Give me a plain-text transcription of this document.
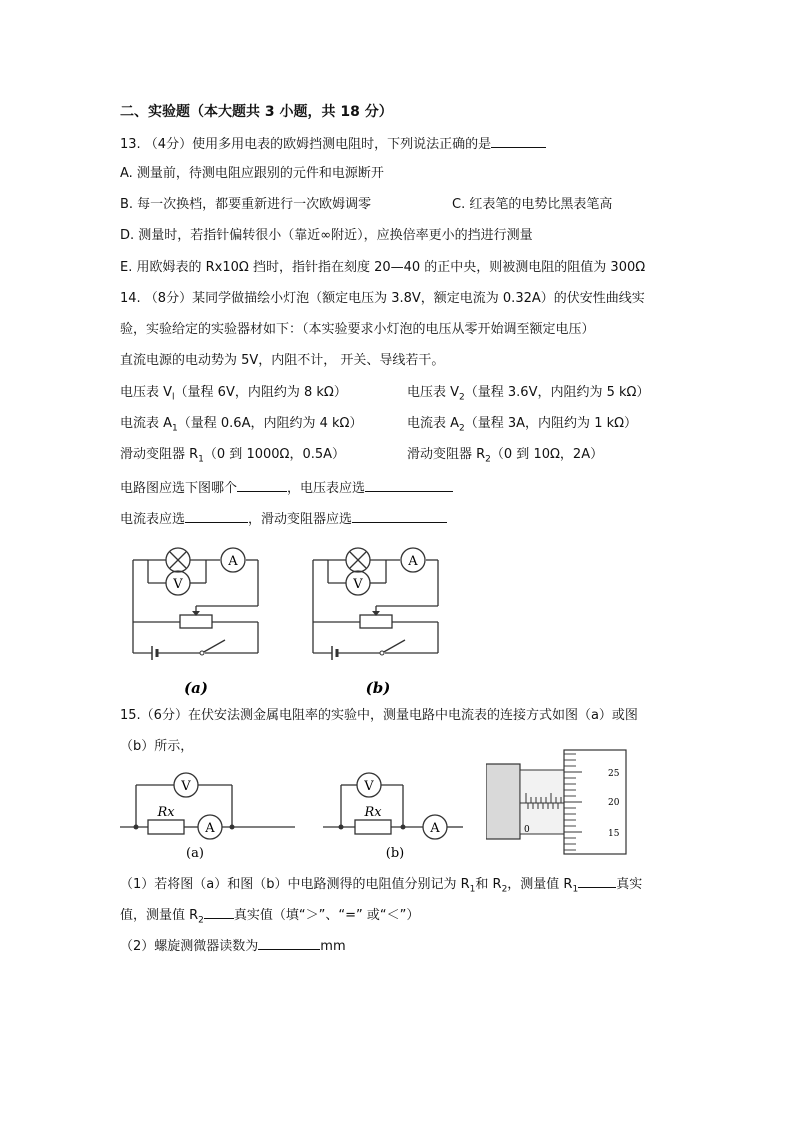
二、实验题（本大题共 3 小题，共 18 分）
13. （4分）使用多用电表的欧姆挡测电阻时，下列说法正确的是
A. 测量前，待测电阻应跟别的元件和电源断开
B. 每一次换档，都要重新进行一次欧姆调零	C. 红表笔的电势比黑表笔高
D. 测量时，若指针偏转很小（靠近∞附近），应换倍率更小的挡进行测量
E. 用欧姆表的 Rx10Ω 挡时，指针指在刻度 20—40 的正中央，则被测电阻的阻值为 300Ω
14. （8分）某同学做描绘小灯泡（额定电压为 3.8V，额定电流为 0.32A）的伏安性曲线实
验，实验给定的实验器材如下：（本实验要求小灯泡的电压从零开始调至额定电压）
直流电源的电动势为 5V，内阻不计， 开关、导线若干。
电压表 $V_l$（量程 6V，内阻约为 8 kΩ）	电压表 $V_2$（量程 3.6V，内阻约为 5 kΩ）
电流表 $A_1$（量程 0.6A，内阻约为 4 kΩ）	电流表 $A_2$（量程 3A，内阻约为 1 kΩ）
滑动变阻器 $R_1(0$ 到 1000Ω，0.5A）	滑动变阻器 $R_2(0$ 到 10Ω，2A）
电路图应选下图哪个	，电压表应选
电流表应选	，滑动变阻器应选
A
V
(a)
A
V
(b)
15.（6分）在伏安法测金属电阻率的实验中，测量电路中电流表的连接方式如图（a）或图
（b）所示，
V
A
Rx
(a)
V
A
Rx
(b)
0
25
20
15
（1）若将图（a）和图（b）中电路测得的电阻值分别记为 $R_1$和 $R_2$，测量值 $R_1$	真实
值，测量值 $R_2$ 真实值（填“＞”、“=” 或“＜”）
（2）螺旋测微器读数为	mm
